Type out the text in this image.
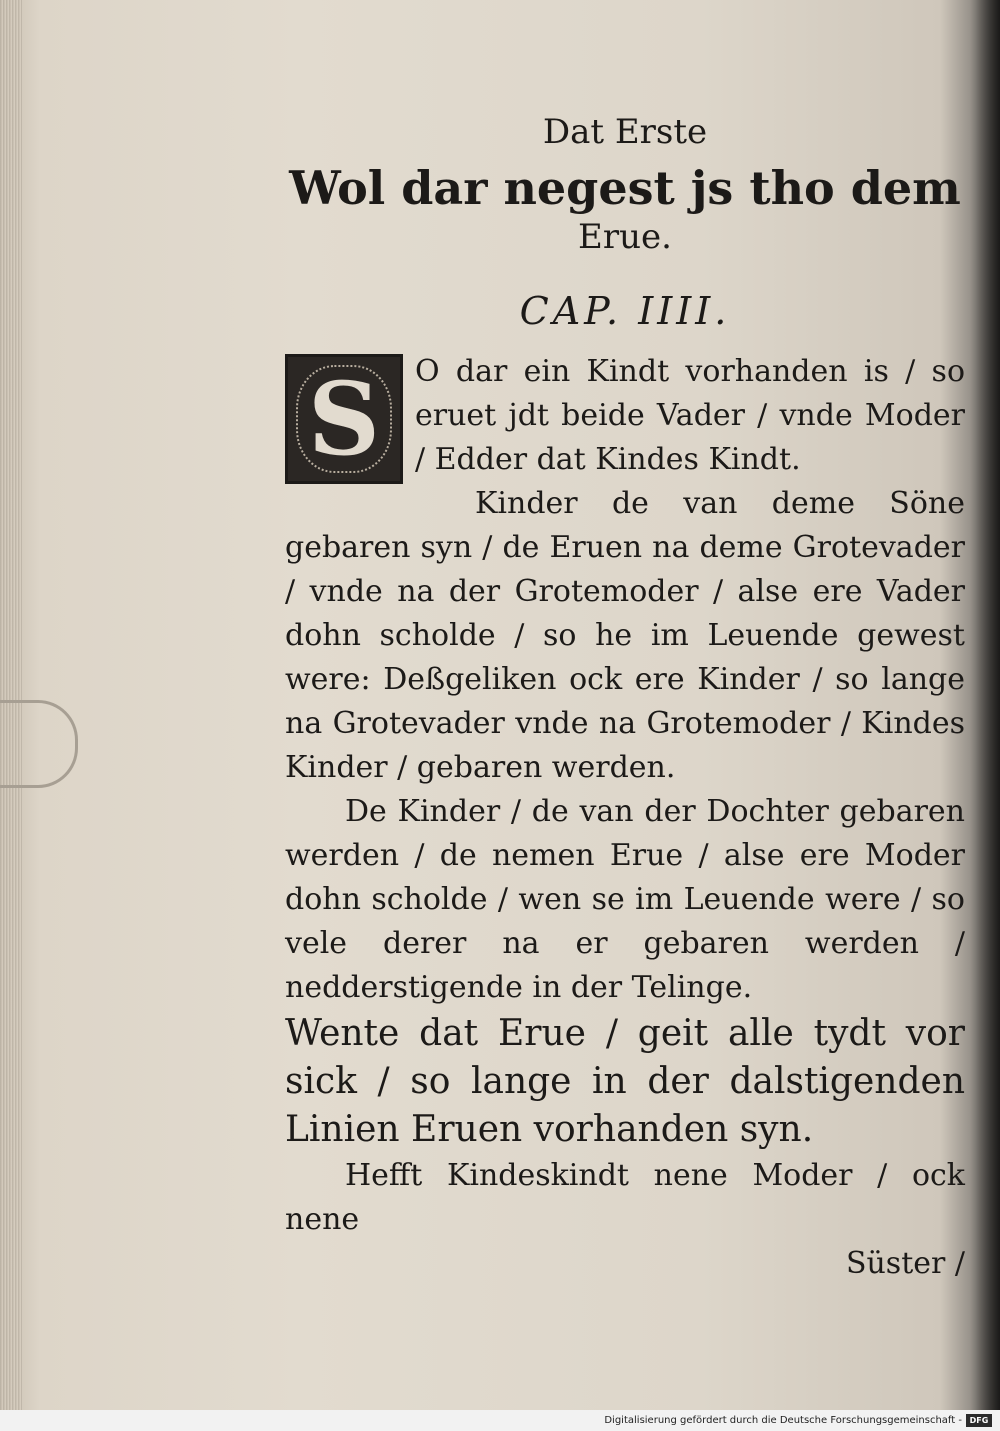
Dat Erste

Wol dar negest js tho dem

Erue.

CAP. IIII.

S	O dar ein Kindt vorhanden is / so eruet jdt beide Vader / vnde Moder / Edder dat Kindes Kindt.

Kinder de van deme Söne gebaren syn / de Eruen na deme Grotevader / vnde na der Grotemoder / alse ere Vader dohn scholde / so he im Leuende gewest were: Deßgeliken ock ere Kinder / so lange na Grotevader vnde na Grotemoder / Kindes Kinder / gebaren werden.

De Kinder / de van der Dochter gebaren werden / de nemen Erue / alse ere Moder dohn scholde / wen se im Leuende were / so vele derer na er gebaren werden / nedderstigende in der Telinge.

Wente dat Erue / geit alle tydt vor sick / so lange in der dalstigenden Linien Eruen vorhanden syn.

Hefft Kindeskindt nene Moder / ock nene

Süster /

Digitalisierung gefördert durch die Deutsche Forschungsgemeinschaft - DFG
